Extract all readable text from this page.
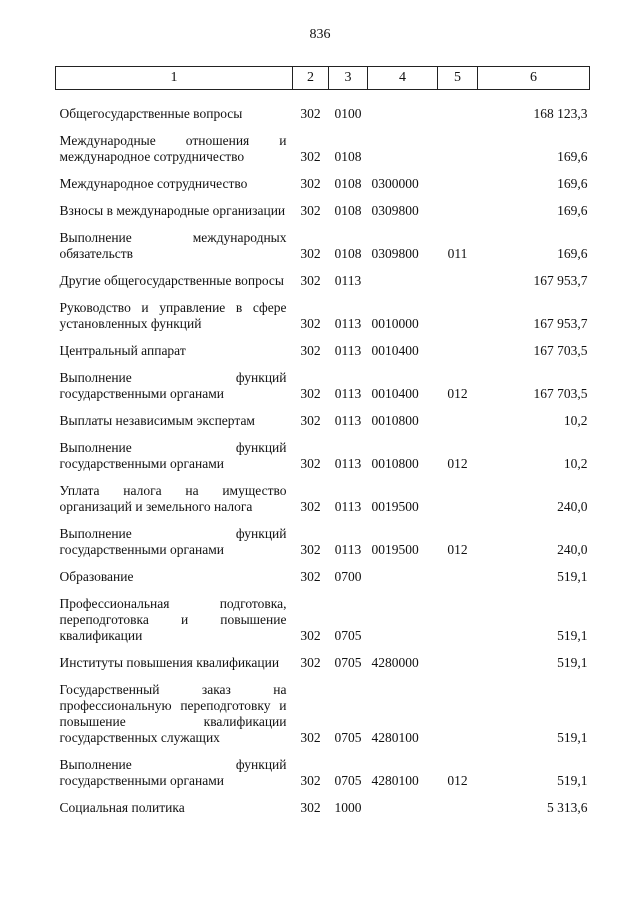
836
1	2	3	4	5	6

Общегосударственные вопросы	302	0100			168 123,3
Международные отношения и международное сотрудничество	302	0108			169,6
Международное сотрудничество	302	0108	0300000		169,6
Взносы в международные организации	302	0108	0309800		169,6
Выполнение международных обязательств	302	0108	0309800	011	169,6
Другие общегосударственные вопросы	302	0113			167 953,7
Руководство и управление в сфере установленных функций	302	0113	0010000		167 953,7
Центральный аппарат	302	0113	0010400		167 703,5
Выполнение функций государственными органами	302	0113	0010400	012	167 703,5
Выплаты независимым экспертам	302	0113	0010800		10,2
Выполнение функций государственными органами	302	0113	0010800	012	10,2
Уплата налога на имущество организаций и земельного налога	302	0113	0019500		240,0
Выполнение функций государственными органами	302	0113	0019500	012	240,0
Образование	302	0700			519,1
Профессиональная подготовка, переподготовка и повышение квалификации	302	0705			519,1
Институты повышения квалификации	302	0705	4280000		519,1
Государственный заказ на профессиональную переподготовку и повышение квалификации государственных служащих	302	0705	4280100		519,1
Выполнение функций государственными органами	302	0705	4280100	012	519,1
Социальная политика	302	1000			5 313,6
